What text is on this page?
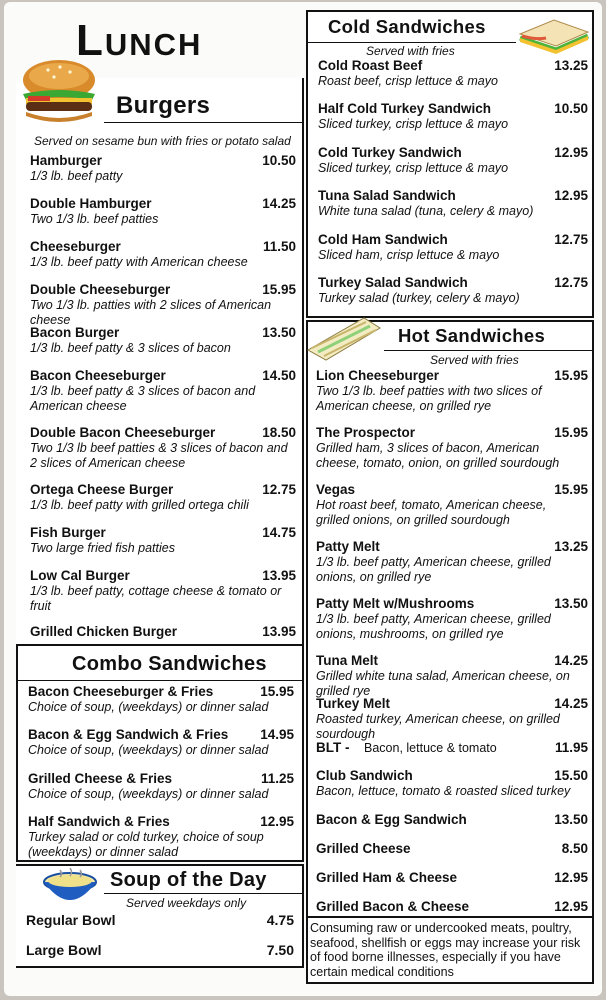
Lunch
Burgers
Served on sesame bun with fries or potato salad
Hamburger	10.50
1/3 lb. beef patty
Double Hamburger	14.25
Two 1/3 lb. beef patties
Cheeseburger	11.50
1/3 lb. beef patty with American cheese
Double Cheeseburger	15.95
Two 1/3 lb. patties with 2 slices of American cheese
Bacon Burger	13.50
1/3 lb. beef patty & 3 slices of bacon
Bacon Cheeseburger	14.50
1/3 lb. beef patty & 3 slices of bacon and American cheese
Double Bacon Cheeseburger	18.50
Two 1/3 lb beef patties & 3 slices of bacon and 2 slices of American cheese
Ortega Cheese Burger	12.75
1/3 lb. beef patty with grilled ortega chili
Fish Burger	14.75
Two large fried fish patties
Low Cal Burger	13.95
1/3 lb. beef patty, cottage cheese & tomato or fruit
Grilled Chicken Burger	13.95
Combo Sandwiches
Bacon Cheeseburger & Fries	15.95
Choice of soup, (weekdays) or dinner salad
Bacon & Egg Sandwich & Fries 14.95
Choice of soup, (weekdays) or dinner salad
Grilled Cheese & Fries	11.25
Choice of soup, (weekdays) or dinner salad
Half Sandwich & Fries	12.95
Turkey salad or cold turkey, choice of soup (weekdays) or dinner salad
Soup of the Day
Served weekdays only
Regular Bowl	4.75
Large Bowl	7.50
Cold Sandwiches
Served with fries
Cold Roast Beef	13.25
Roast beef, crisp lettuce & mayo
Half Cold Turkey Sandwich	10.50
Sliced turkey, crisp lettuce & mayo
Cold Turkey Sandwich	12.95
Sliced turkey, crisp lettuce & mayo
Tuna Salad Sandwich	12.95
White tuna salad (tuna, celery & mayo)
Cold Ham Sandwich	12.75
Sliced ham, crisp lettuce & mayo
Turkey Salad Sandwich	12.75
Turkey salad (turkey, celery & mayo)
Hot Sandwiches
Served with fries
Lion Cheeseburger	15.95
Two 1/3 lb. beef patties with two slices of American cheese, on grilled rye
The Prospector	15.95
Grilled ham, 3 slices of bacon, American cheese, tomato, onion, on grilled sourdough
Vegas	15.95
Hot roast beef, tomato, American cheese, grilled onions, on grilled sourdough
Patty Melt	13.25
1/3 lb. beef patty, American cheese, grilled onions, on grilled rye
Patty Melt w/Mushrooms	13.50
1/3 lb. beef patty, American cheese, grilled onions, mushrooms, on grilled rye
Tuna Melt	14.25
Grilled white tuna salad, American cheese, on grilled rye
Turkey Melt	14.25
Roasted turkey, American cheese, on grilled sourdough
BLT -	11.95
Bacon, lettuce & tomato
Club Sandwich	15.50
Bacon, lettuce, tomato & roasted sliced turkey
Bacon & Egg Sandwich	13.50
Grilled Cheese	8.50
Grilled Ham & Cheese	12.95
Grilled Bacon & Cheese	12.95
Consuming raw or undercooked meats, poultry, seafood, shellfish or eggs may increase your risk of food borne illnesses, especially if you have certain medical conditions
